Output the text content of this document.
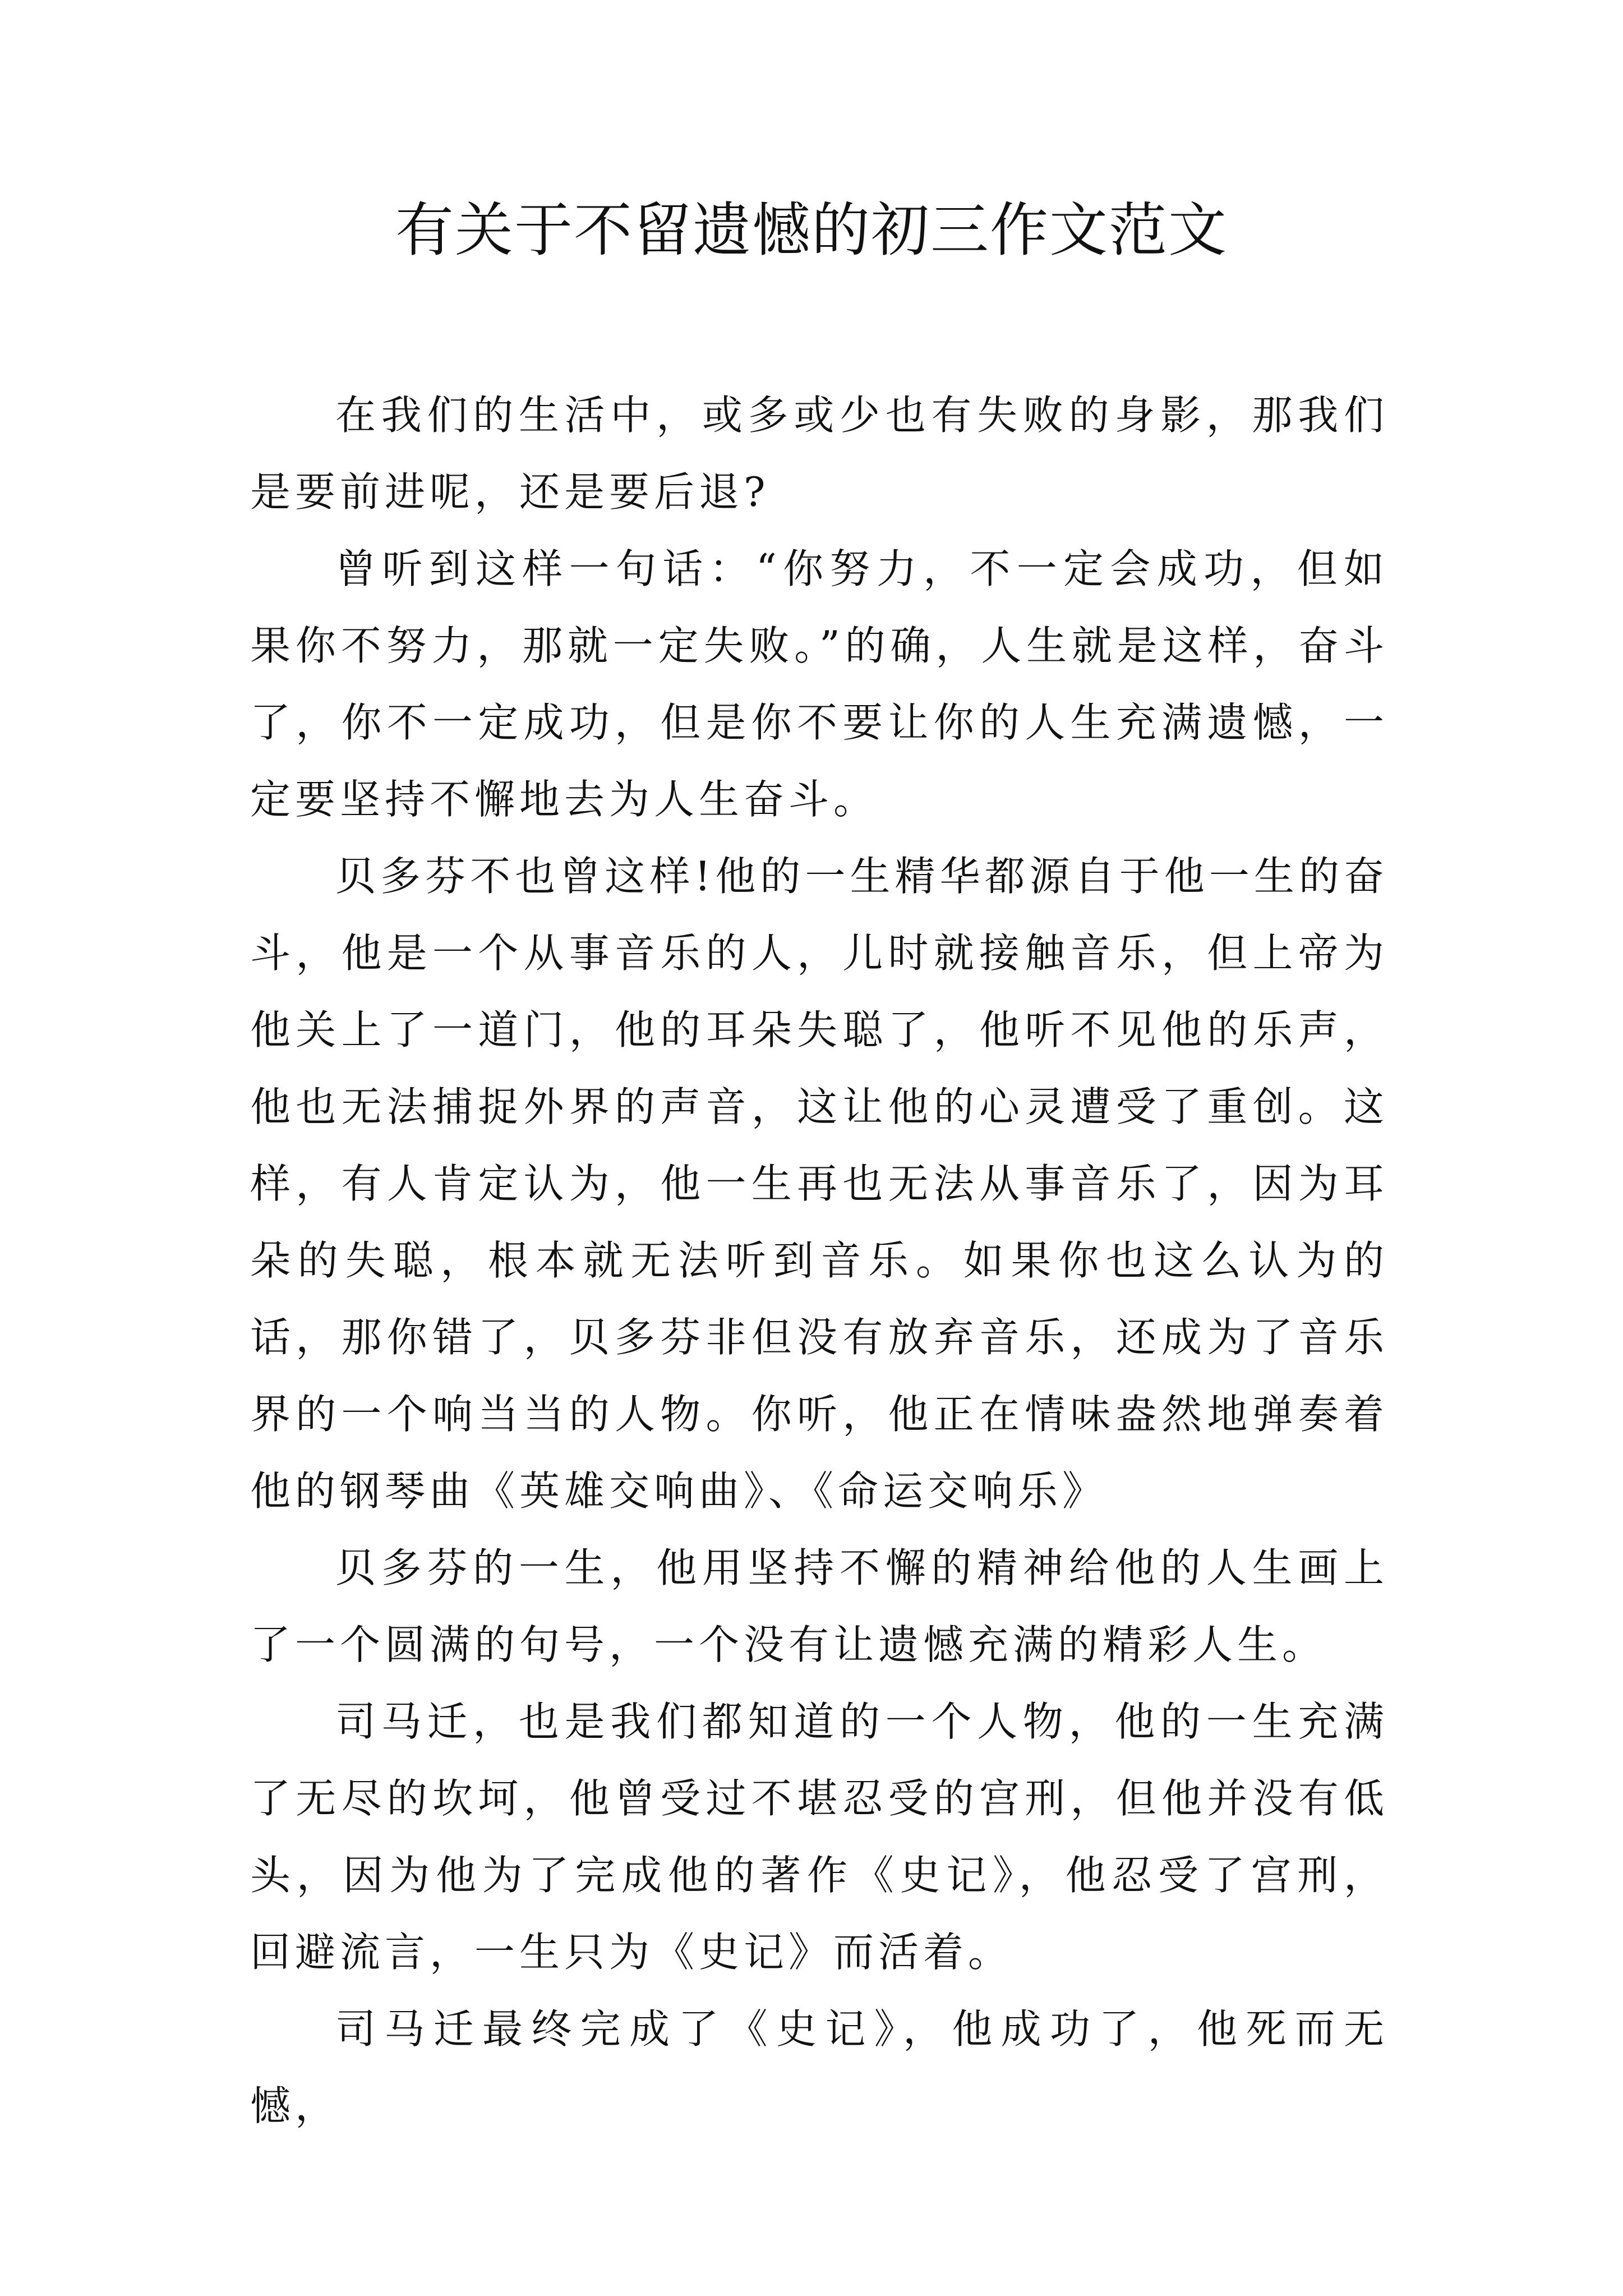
有关于不留遗憾的初三作文范文

在我们的生活中，或多或少也有失败的身影，那我们是要前进呢，还是要后退?

曾听到这样一句话：“你努力，不一定会成功，但如果你不努力，那就一定失败。”的确，人生就是这样，奋斗了，你不一定成功，但是你不要让你的人生充满遗憾，一定要坚持不懈地去为人生奋斗。

贝多芬不也曾这样!他的一生精华都源自于他一生的奋斗，他是一个从事音乐的人，儿时就接触音乐，但上帝为他关上了一道门，他的耳朵失聪了，他听不见他的乐声，他也无法捕捉外界的声音，这让他的心灵遭受了重创。这样，有人肯定认为，他一生再也无法从事音乐了，因为耳朵的失聪，根本就无法听到音乐。如果你也这么认为的话，那你错了，贝多芬非但没有放弃音乐，还成为了音乐界的一个响当当的人物。你听，他正在情味盎然地弹奏着他的钢琴曲《英雄交响曲》、《命运交响乐》

贝多芬的一生，他用坚持不懈的精神给他的人生画上了一个圆满的句号，一个没有让遗憾充满的精彩人生。

司马迁，也是我们都知道的一个人物，他的一生充满了无尽的坎坷，他曾受过不堪忍受的宫刑，但他并没有低头，因为他为了完成他的著作《史记》，他忍受了宫刑，回避流言，一生只为《史记》而活着。

司马迁最终完成了《史记》，他成功了，他死而无憾，
